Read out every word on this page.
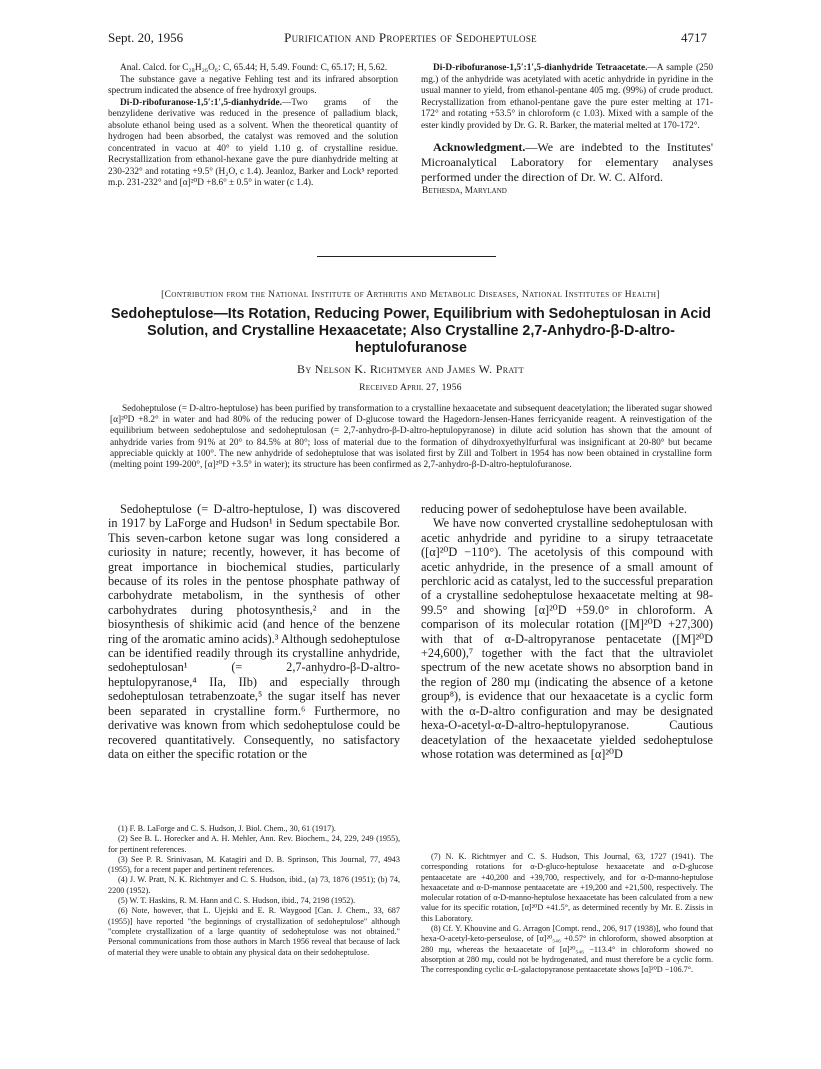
Sept. 20, 1956	Purification and Properties of Sedoheptulose	4717

Anal. Calcd. for C₂₈H₂₆O₆: C, 65.44; H, 5.49. Found: C, 65.17; H, 5.62.

The substance gave a negative Fehling test and its infrared absorption spectrum indicated the absence of free hydroxyl groups.

Di-D-ribofuranose-1,5′:1′,5-dianhydride.—Two grams of the benzylidene derivative was reduced in the presence of palladium black, absolute ethanol being used as a solvent. When the theoretical quantity of hydrogen had been absorbed, the catalyst was removed and the solution concentrated in vacuo at 40° to yield 1.10 g. of crystalline residue. Recrystallization from ethanol-hexane gave the pure dianhydride melting at 230-232° and rotating +9.5° (H₂O, c 1.4). Jeanloz, Barker and Lock⁵ reported m.p. 231-232° and [α]²⁰D +8.6° ± 0.5° in water (c 1.4).

Di-D-ribofuranose-1,5′:1′,5-dianhydride Tetraacetate.—A sample (250 mg.) of the anhydride was acetylated with acetic anhydride in pyridine in the usual manner to yield, from ethanol-pentane 405 mg. (99%) of crude product. Recrystallization from ethanol-pentane gave the pure ester melting at 171-172° and rotating +53.5° in chloroform (c 1.03). Mixed with a sample of the ester kindly provided by Dr. G. R. Barker, the material melted at 170-172°.

Acknowledgment.—We are indebted to the Institutes' Microanalytical Laboratory for elementary analyses performed under the direction of Dr. W. C. Alford.

Bethesda, Maryland
[Contribution from the National Institute of Arthritis and Metabolic Diseases, National Institutes of Health]
Sedoheptulose—Its Rotation, Reducing Power, Equilibrium with Sedoheptulosan in Acid Solution, and Crystalline Hexaacetate; Also Crystalline 2,7-Anhydro-β-D-altro-heptulofuranose
By Nelson K. Richtmyer and James W. Pratt
Received April 27, 1956

Sedoheptulose (= D-altro-heptulose) has been purified by transformation to a crystalline hexaacetate and subsequent deacetylation; the liberated sugar showed [α]²⁰D +8.2° in water and had 80% of the reducing power of D-glucose toward the Hagedorn-Jensen-Hanes ferricyanide reagent. A reinvestigation of the equilibrium between sedoheptulose and sedoheptulosan (= 2,7-anhydro-β-D-altro-heptulopyranose) in dilute acid solution has shown that the amount of anhydride varies from 91% at 20° to 84.5% at 80°; loss of material due to the formation of dihydroxyethylfurfural was insignificant at 20-80° but became appreciable quickly at 100°. The new anhydride of sedoheptulose that was isolated first by Zill and Tolbert in 1954 has now been obtained in crystalline form (melting point 199-200°, [α]²⁰D +3.5° in water); its structure has been confirmed as 2,7-anhydro-β-D-altro-heptulofuranose.

Sedoheptulose (= D-altro-heptulose, I) was discovered in 1917 by LaForge and Hudson¹ in Sedum spectabile Bor. This seven-carbon ketone sugar was long considered a curiosity in nature; recently, however, it has become of great importance in biochemical studies, particularly because of its roles in the pentose phosphate pathway of carbohydrate metabolism, in the synthesis of other carbohydrates during photosynthesis,² and in the biosynthesis of shikimic acid (and hence of the benzene ring of the aromatic amino acids).³ Although sedoheptulose can be identified readily through its crystalline anhydride, sedoheptulosan¹ (= 2,7-anhydro-β-D-altro-heptulopyranose,⁴ IIa, IIb) and especially through sedoheptulosan tetrabenzoate,⁵ the sugar itself has never been separated in crystalline form.⁶ Furthermore, no derivative was known from which sedoheptulose could be recovered quantitatively. Consequently, no satisfactory data on either the specific rotation or the

reducing power of sedoheptulose have been available.

We have now converted crystalline sedoheptulosan with acetic anhydride and pyridine to a sirupy tetraacetate ([α]²⁰D −110°). The acetolysis of this compound with acetic anhydride, in the presence of a small amount of perchloric acid as catalyst, led to the successful preparation of a crystalline sedoheptulose hexaacetate melting at 98-99.5° and showing [α]²⁰D +59.0° in chloroform. A comparison of its molecular rotation ([M]²⁰D +27,300) with that of α-D-altropyranose pentacetate ([M]²⁰D +24,600),⁷ together with the fact that the ultraviolet spectrum of the new acetate shows no absorption band in the region of 280 mμ (indicating the absence of a ketone group⁸), is evidence that our hexaacetate is a cyclic form with the α-D-altro configuration and may be designated hexa-O-acetyl-α-D-altro-heptulopyranose. Cautious deacetylation of the hexaacetate yielded sedoheptulose whose rotation was determined as [α]²⁰D

(1) F. B. LaForge and C. S. Hudson, J. Biol. Chem., 30, 61 (1917).

(2) See B. L. Horecker and A. H. Mehler, Ann. Rev. Biochem., 24, 229, 249 (1955), for pertinent references.

(3) See P. R. Srinivasan, M. Katagiri and D. B. Sprinson, This Journal, 77, 4943 (1955), for a recent paper and pertinent references.

(4) J. W. Pratt, N. K. Richtmyer and C. S. Hudson, ibid., (a) 73, 1876 (1951); (b) 74, 2200 (1952).

(5) W. T. Haskins, R. M. Hann and C. S. Hudson, ibid., 74, 2198 (1952).

(6) Note, however, that L. Ujejski and E. R. Waygood [Can. J. Chem., 33, 687 (1955)] have reported "the beginnings of crystallization of sedoheptulose" although "complete crystallization of a large quantity of sedoheptulose was not obtained." Personal communications from those authors in March 1956 reveal that because of lack of material they were unable to obtain any physical data on their sedoheptulose.

(7) N. K. Richtmyer and C. S. Hudson, This Journal, 63, 1727 (1941). The corresponding rotations for α-D-gluco-heptulose hexaacetate and α-D-glucose pentaacetate are +40,200 and +39,700, respectively, and for α-D-manno-heptulose hexaacetate and α-D-mannose pentaacetate are +19,200 and +21,500, respectively. The molecular rotation of α-D-manno-heptulose hexaacetate has been calculated from a new value for its specific rotation, [α]²⁰D +41.5°, as determined recently by Mr. E. Zissis in this Laboratory.

(8) Cf. Y. Khouvine and G. Arragon [Compt. rend., 206, 917 (1938)], who found that hexa-O-acetyl-keto-perseulose, of [α]²⁰₅₄₆ +0.57° in chloroform, showed absorption at 280 mμ, whereas the hexaacetate of [α]²⁰₅₄₆ −113.4° in chloroform showed no absorption at 280 mμ, could not be hydrogenated, and must therefore be a cyclic form. The corresponding cyclic α-L-galactopyranose pentaacetate shows [α]²⁰D −106.7°.
